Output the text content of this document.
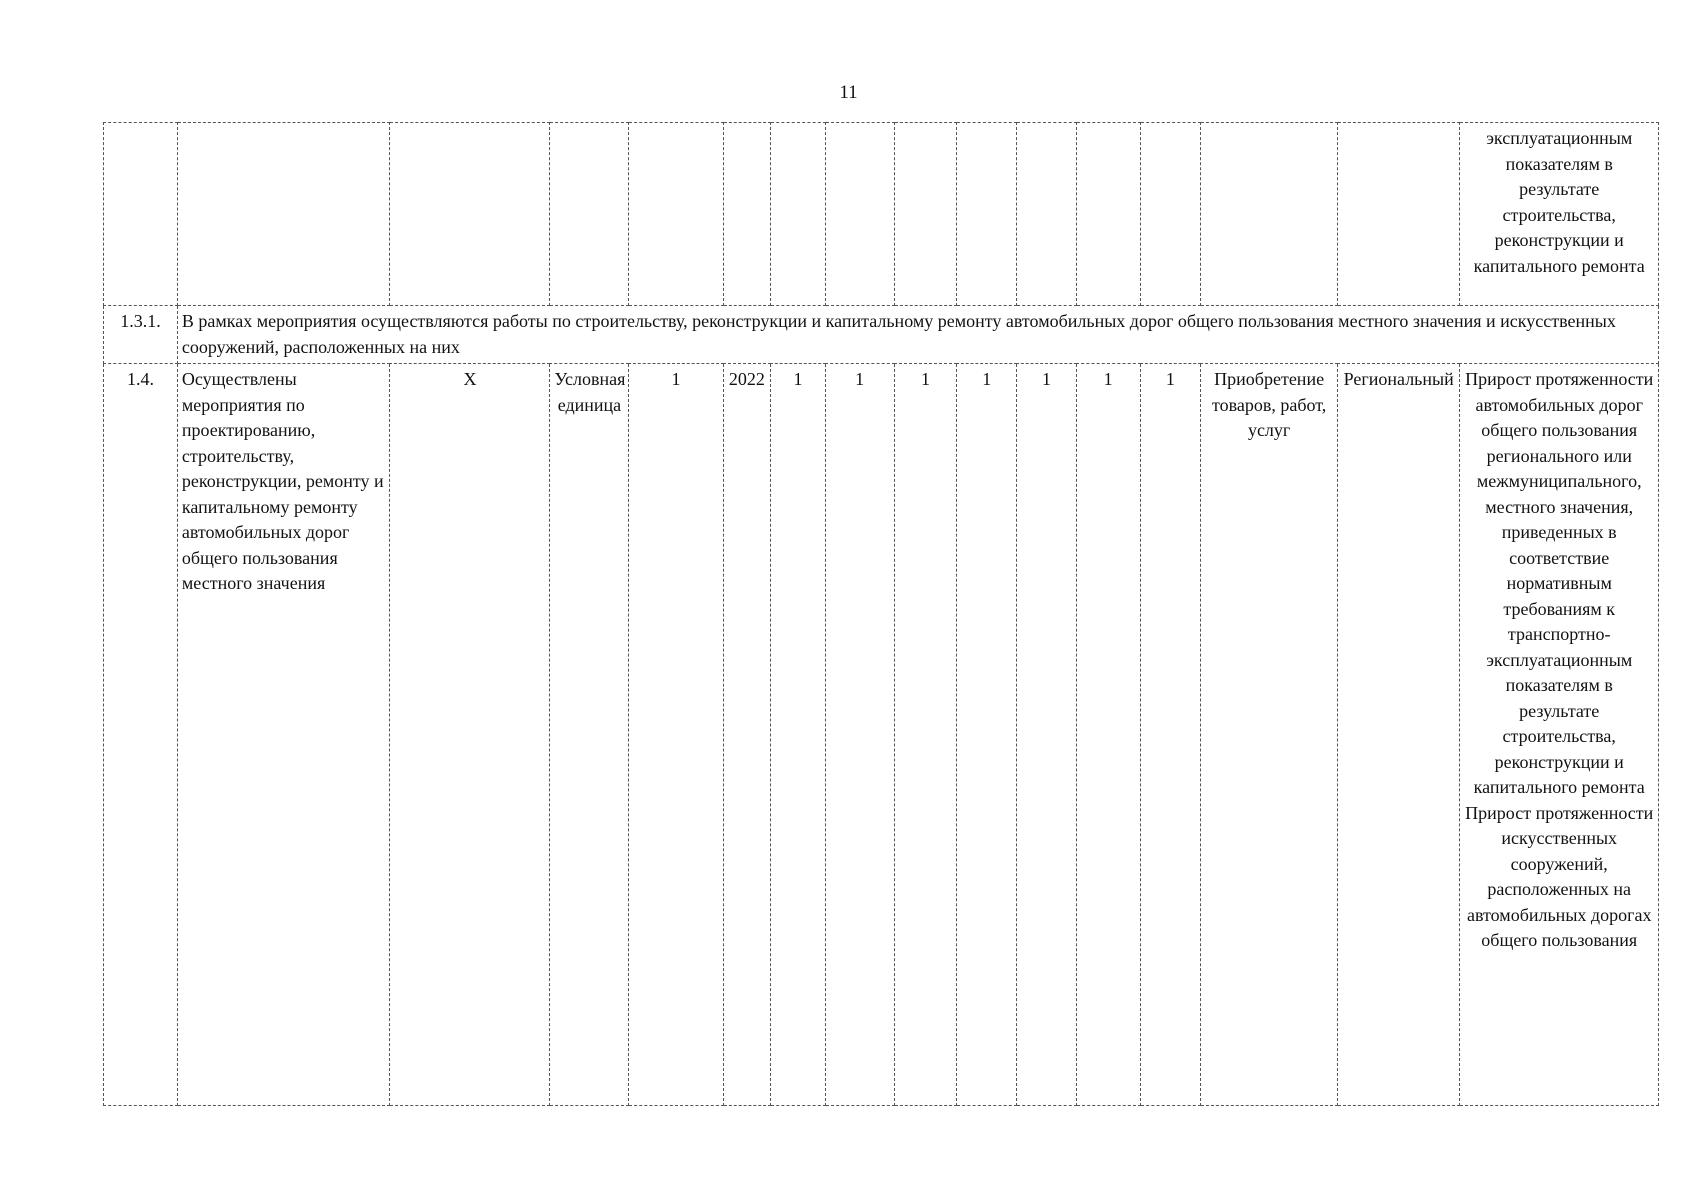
11
															эксплуатационным показателям в результате строительства, реконструкции и капитального ремонта
1.3.1.	В рамках мероприятия осуществляются работы по строительству, реконструкции и капитальному ремонту автомобильных дорог общего пользования местного значения и искусственных сооружений, расположенных на них														
1.4.	Осуществлены мероприятия по проектированию, строительству, реконструкции, ремонту и капитальному ремонту автомобильных дорог общего пользования местного значения	Х	Условная единица	1	2022	1	1	1	1	1	1	1	Приобретение товаров, работ, услуг	Региональный	Прирост протяженности автомобильных дорог общего пользования регионального или межмуниципального, местного значения, приведенных в соответствие нормативным требованиям к транспортно-эксплуатационным показателям в результате строительства, реконструкции и капитального ремонта
Прирост протяженности искусственных сооружений, расположенных на автомобильных дорогах общего пользования
